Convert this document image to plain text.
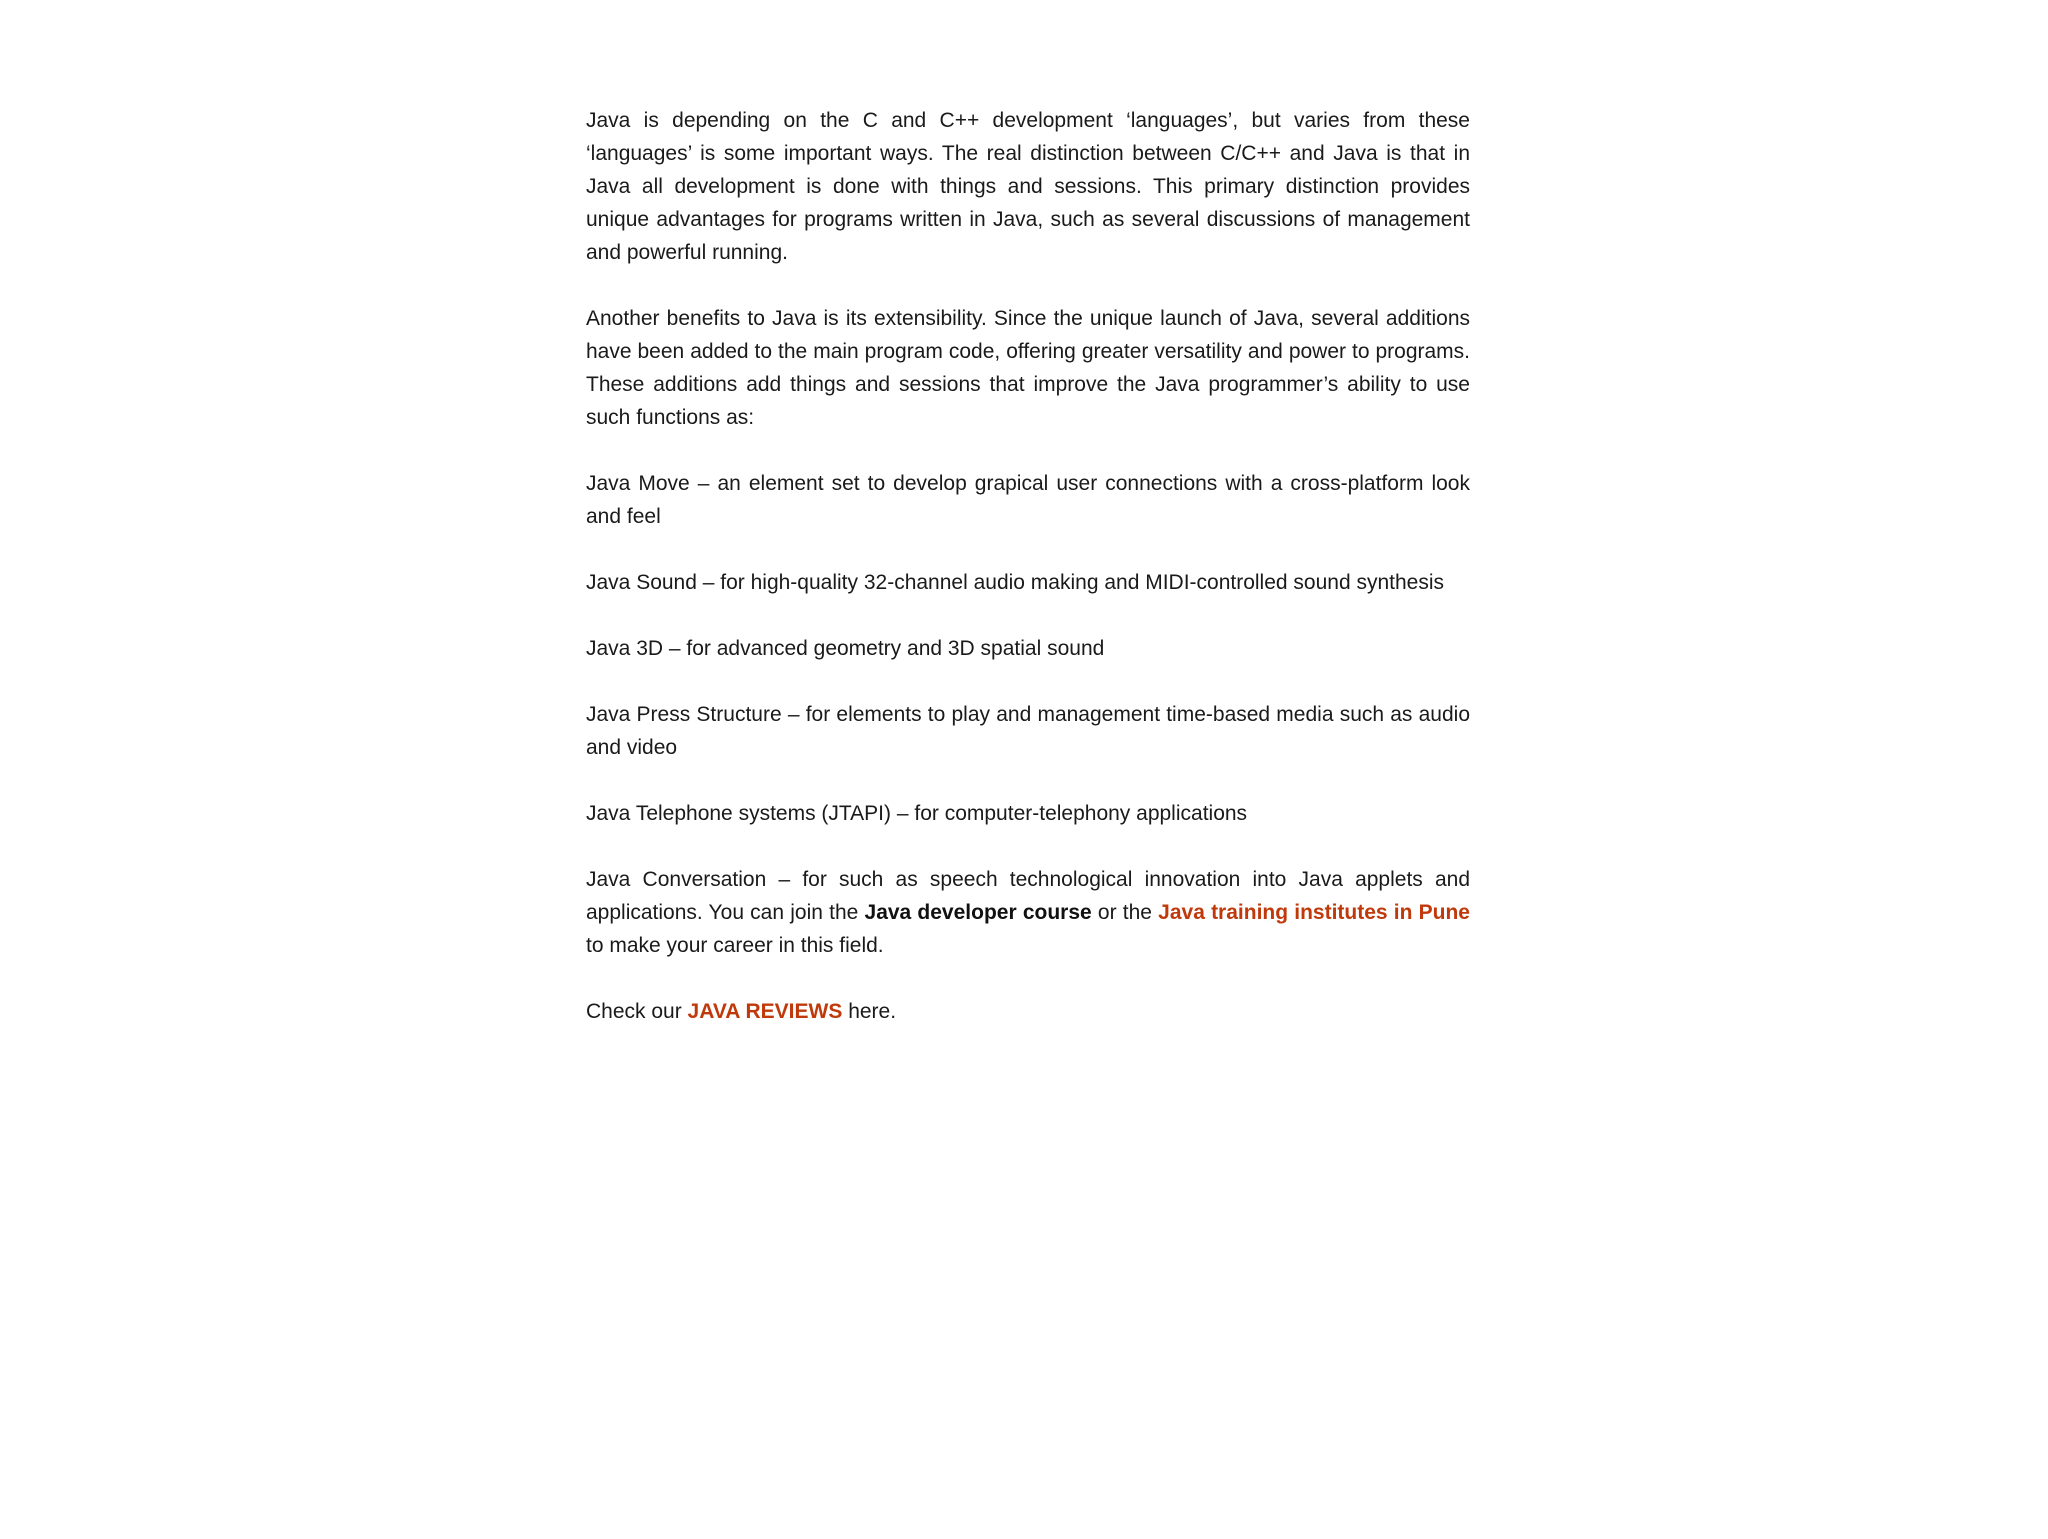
Java is depending on the C and C++ development ‘languages’, but varies from these ‘languages’ is some important ways. The real distinction between C/C++ and Java is that in Java all development is done with things and sessions. This primary distinction provides unique advantages for programs written in Java, such as several discussions of management and powerful running.

Another benefits to Java is its extensibility. Since the unique launch of Java, several additions have been added to the main program code, offering greater versatility and power to programs. These additions add things and sessions that improve the Java programmer’s ability to use such functions as:

Java Move – an element set to develop grapical user connections with a cross-platform look and feel

Java Sound – for high-quality 32-channel audio making and MIDI-controlled sound synthesis

Java 3D – for advanced geometry and 3D spatial sound

Java Press Structure – for elements to play and management time-based media such as audio and video

Java Telephone systems (JTAPI) – for computer-telephony applications

Java Conversation – for such as speech technological innovation into Java applets and applications. You can join the Java developer course or the Java training institutes in Pune to make your career in this field.

Check our JAVA REVIEWS here.
